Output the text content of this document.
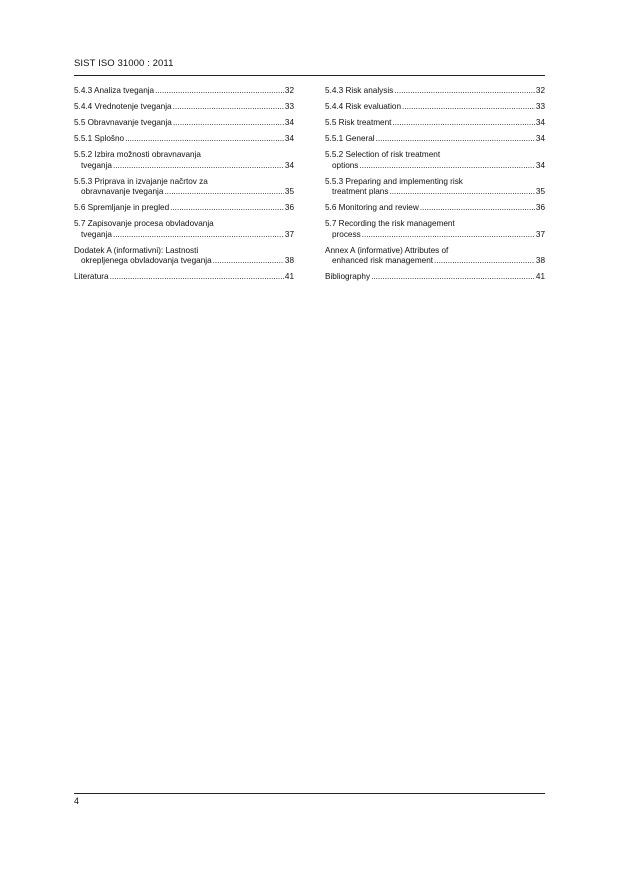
SIST ISO 31000 : 2011
5.4.3 Analiza tveganja .....	32
5.4.4 Vrednotenje tveganja .....	33
5.5 Obravnavanje tveganja .....	34
5.5.1 Splošno .....	34
5.5.2 Izbira možnosti obravnavanja
tveganja .....	34
5.5.3 Priprava in izvajanje načrtov za
obravnavanje tveganja .....	35
5.6 Spremljanje in pregled .....	36
5.7 Zapisovanje procesa obvladovanja
tveganja .....	37
Dodatek A (informativni): Lastnosti
okrepljenega obvladovanja tveganja .....	38
Literatura .....	41
5.4.3 Risk analysis .....	32
5.4.4 Risk evaluation .....	33
5.5 Risk treatment .....	34
5.5.1 General .....	34
5.5.2 Selection of risk treatment
options .....	34
5.5.3 Preparing and implementing risk
treatment plans .....	35
5.6 Monitoring and review .....	36
5.7 Recording the risk management
process .....	37
Annex A (informative) Attributes of
enhanced risk management .....	38
Bibliography .....	41
4
